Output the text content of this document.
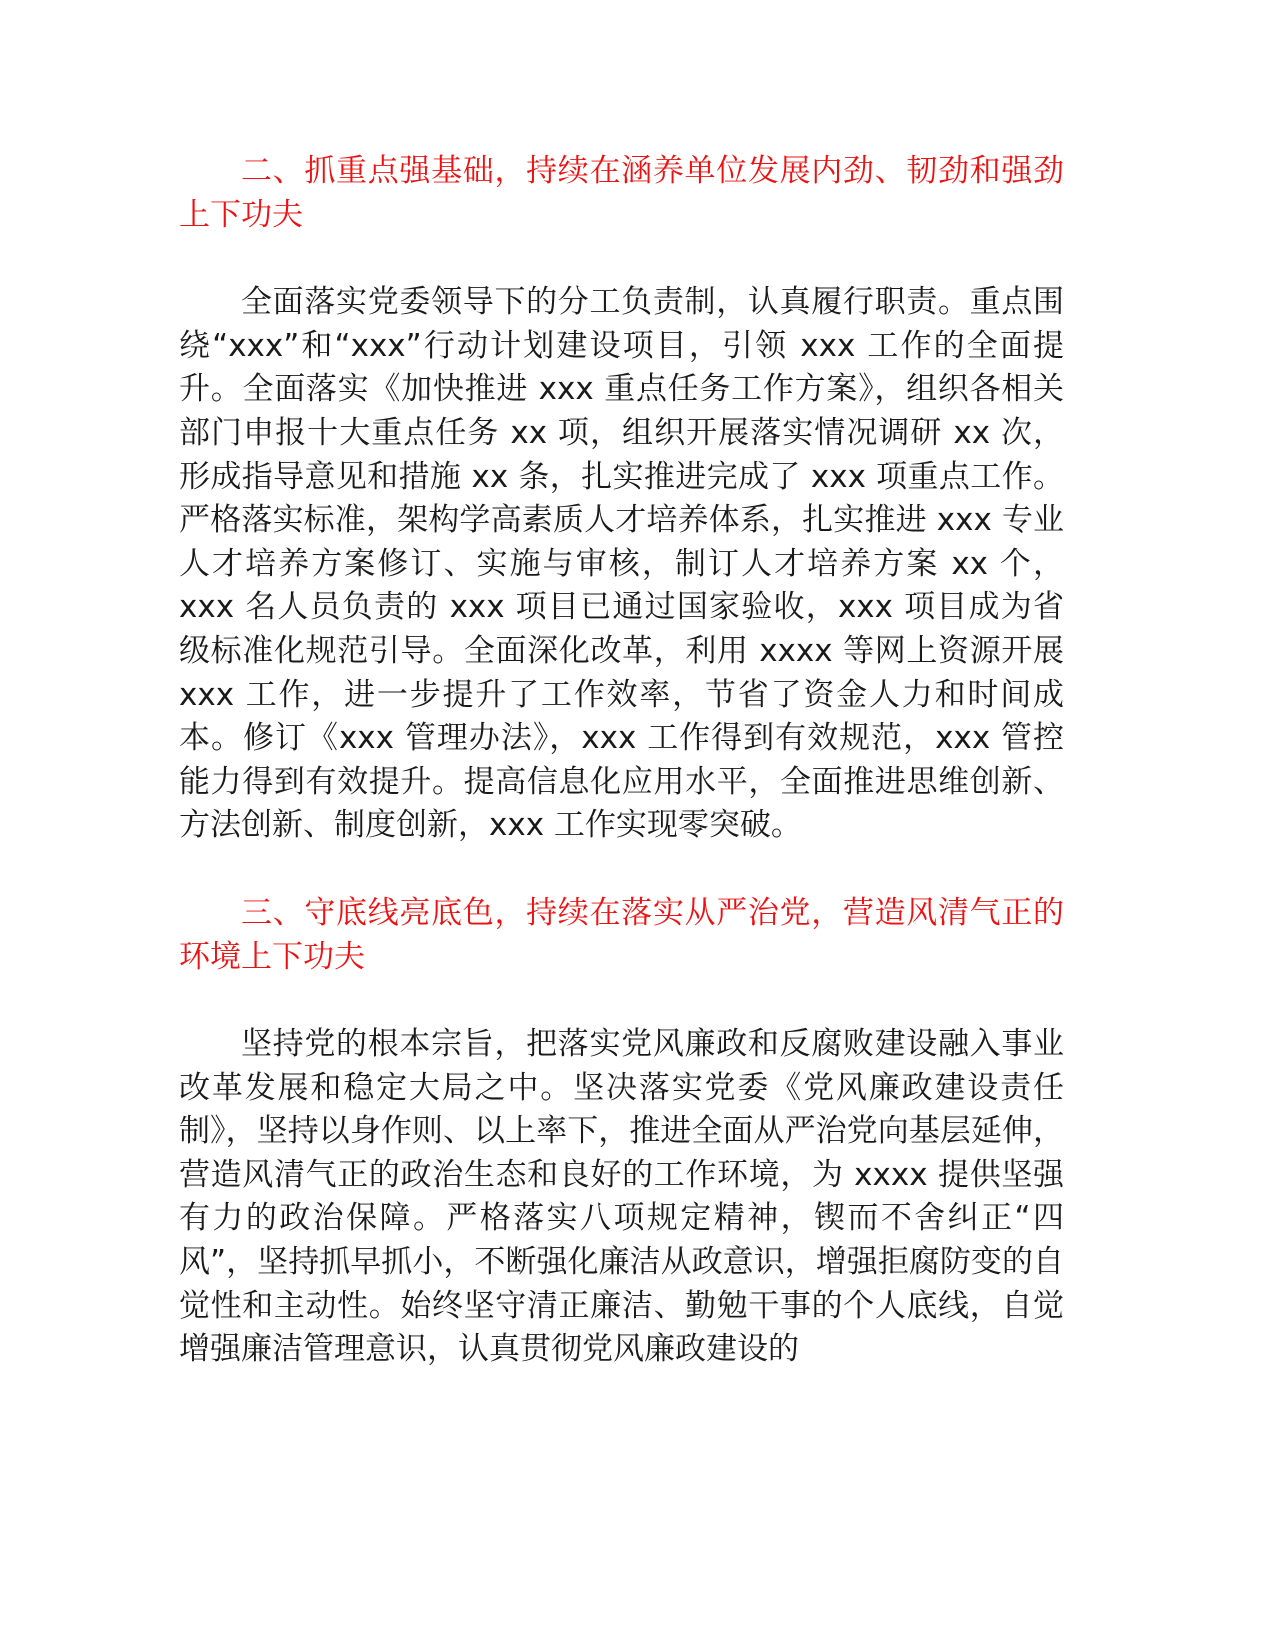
二、抓重点强基础，持续在涵养单位发展内劲、韧劲和强劲上下功夫

全面落实党委领导下的分工负责制，认真履行职责。重点围绕“xxx”和“xxx”行动计划建设项目，引领 xxx 工作的全面提升。全面落实《加快推进 xxx 重点任务工作方案》，组织各相关部门申报十大重点任务 xx 项，组织开展落实情况调研 xx 次，形成指导意见和措施 xx 条，扎实推进完成了 xxx 项重点工作。严格落实标准，架构学高素质人才培养体系，扎实推进 xxx 专业人才培养方案修订、实施与审核，制订人才培养方案 xx 个，xxx 名人员负责的 xxx 项目已通过国家验收，xxx 项目成为省级标准化规范引导。全面深化改革，利用 xxxx 等网上资源开展 xxx 工作，进一步提升了工作效率，节省了资金人力和时间成本。修订《xxx 管理办法》，xxx 工作得到有效规范，xxx 管控能力得到有效提升。提高信息化应用水平，全面推进思维创新、方法创新、制度创新，xxx 工作实现零突破。

三、守底线亮底色，持续在落实从严治党，营造风清气正的环境上下功夫

坚持党的根本宗旨，把落实党风廉政和反腐败建设融入事业改革发展和稳定大局之中。坚决落实党委《党风廉政建设责任制》，坚持以身作则、以上率下，推进全面从严治党向基层延伸，营造风清气正的政治生态和良好的工作环境，为 xxxx 提供坚强有力的政治保障。严格落实八项规定精神，锲而不舍纠正“四风”，坚持抓早抓小，不断强化廉洁从政意识，增强拒腐防变的自觉性和主动性。始终坚守清正廉洁、勤勉干事的个人底线，自觉增强廉洁管理意识，认真贯彻党风廉政建设的
